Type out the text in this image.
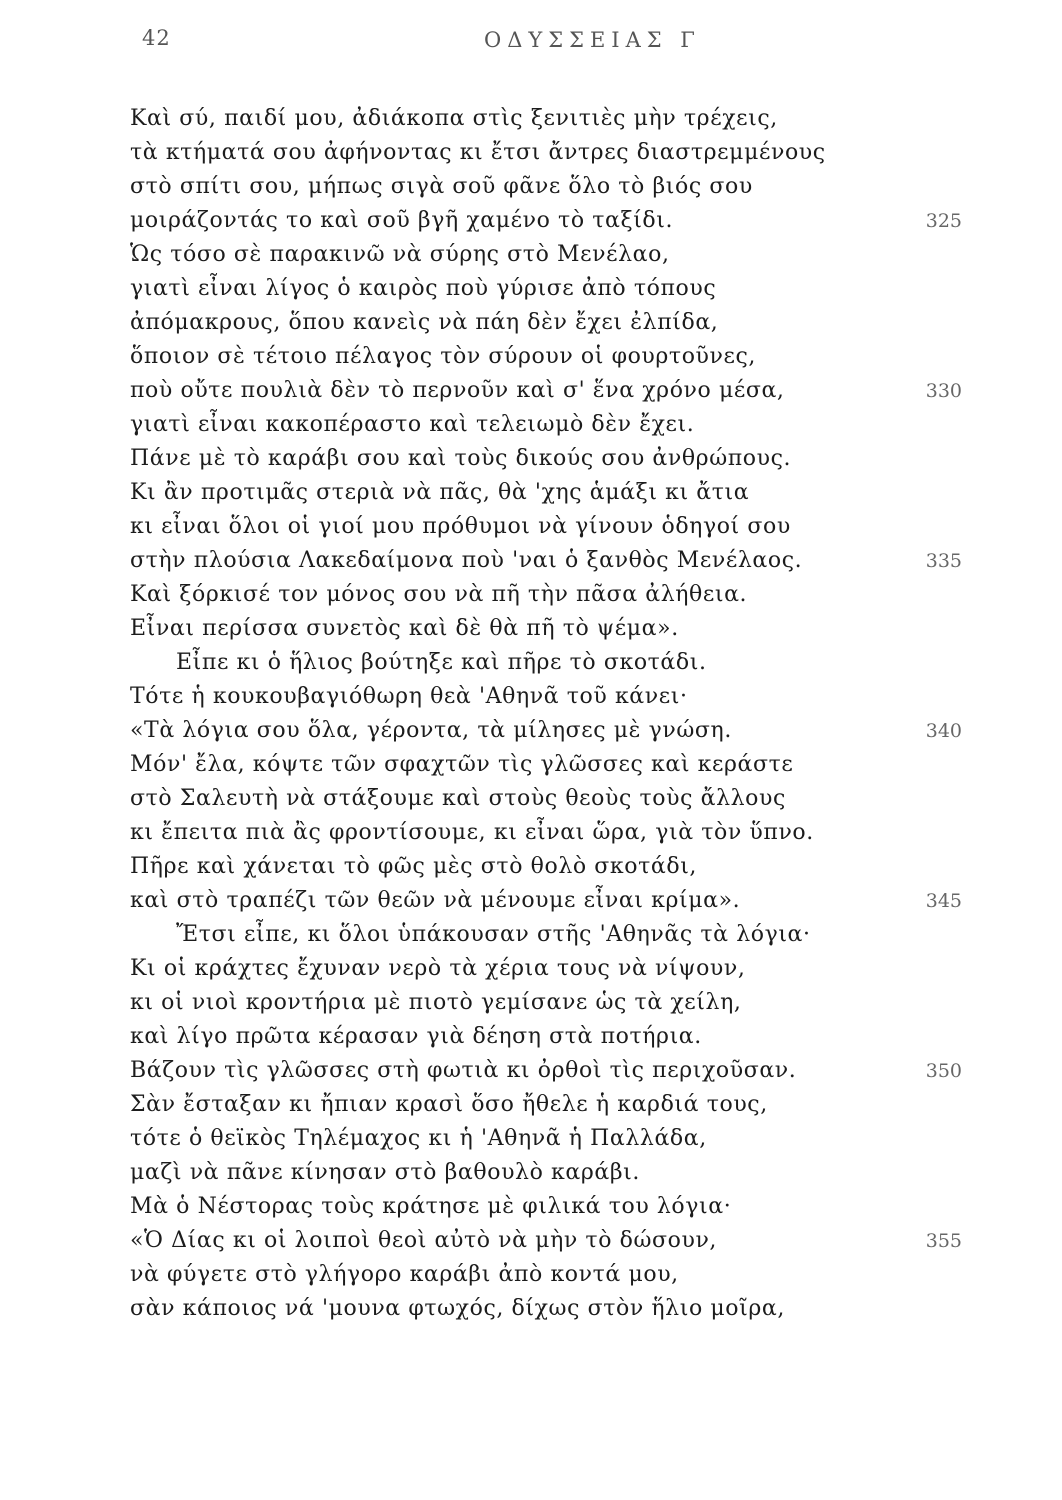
42	ΟΔΥΣΣΕΙΑΣ Γ
Καὶ σύ, παιδί μου, ἀδιάκοπα στὶς ξενιτιὲς μὴν τρέχεις,
τὰ κτήματά σου ἀφήνοντας κι ἔτσι ἄντρες διαστρεμμένους
στὸ σπίτι σου, μήπως σιγὰ σοῦ φᾶνε ὅλο τὸ βιός σου
μοιράζοντάς το καὶ σοῦ βγῆ χαμένο τὸ ταξίδι.
Ὡς τόσο σὲ παρακινῶ νὰ σύρης στὸ Μενέλαο,
γιατὶ εἶναι λίγος ὁ καιρὸς ποὺ γύρισε ἀπὸ τόπους
ἀπόμακρους, ὅπου κανεὶς νὰ πάη δὲν ἔχει ἐλπίδα,
ὅποιον σὲ τέτοιο πέλαγος τὸν σύρουν οἱ φουρτοῦνες,
ποὺ οὔτε πουλιὰ δὲν τὸ περνοῦν καὶ σ' ἕνα χρόνο μέσα,
γιατὶ εἶναι κακοπέραστο καὶ τελειωμὸ δὲν ἔχει.
Πάνε μὲ τὸ καράβι σου καὶ τοὺς δικούς σου ἀνθρώπους.
Κι ἂν προτιμᾶς στεριὰ νὰ πᾶς, θὰ 'χης ἁμάξι κι ἄτια
κι εἶναι ὅλοι οἱ γιοί μου πρόθυμοι νὰ γίνουν ὁδηγοί σου
στὴν πλούσια Λακεδαίμονα ποὺ 'ναι ὁ ξανθὸς Μενέλαος.
Καὶ ξόρκισέ τον μόνος σου νὰ πῆ τὴν πᾶσα ἀλήθεια.
Εἶναι περίσσα συνετὸς καὶ δὲ θὰ πῆ τὸ ψέμα».
Εἶπε κι ὁ ἥλιος βούτηξε καὶ πῆρε τὸ σκοτάδι.
Τότε ἡ κουκουβαγιόθωρη θεὰ 'Αθηνᾶ τοῦ κάνει·
«Τὰ λόγια σου ὅλα, γέροντα, τὰ μίλησες μὲ γνώση.
Μόν' ἔλα, κόψτε τῶν σφαχτῶν τὶς γλῶσσες καὶ κεράστε
στὸ Σαλευτὴ νὰ στάξουμε καὶ στοὺς θεοὺς τοὺς ἄλλους
κι ἔπειτα πιὰ ἂς φροντίσουμε, κι εἶναι ὥρα, γιὰ τὸν ὕπνο.
Πῆρε καὶ χάνεται τὸ φῶς μὲς στὸ θολὸ σκοτάδι,
καὶ στὸ τραπέζι τῶν θεῶν νὰ μένουμε εἶναι κρίμα».
Ἔτσι εἶπε, κι ὅλοι ὑπάκουσαν στῆς 'Αθηνᾶς τὰ λόγια·
Κι οἱ κράχτες ἔχυναν νερὸ τὰ χέρια τους νὰ νίψουν,
κι οἱ νιοὶ κροντήρια μὲ πιοτὸ γεμίσανε ὡς τὰ χείλη,
καὶ λίγο πρῶτα κέρασαν γιὰ δέηση στὰ ποτήρια.
Βάζουν τὶς γλῶσσες στὴ φωτιὰ κι ὀρθοὶ τὶς περιχοῦσαν.
Σὰν ἔσταξαν κι ἤπιαν κρασὶ ὅσο ἤθελε ἡ καρδιά τους,
τότε ὁ θεϊκὸς Τηλέμαχος κι ἡ 'Αθηνᾶ ἡ Παλλάδα,
μαζὶ νὰ πᾶνε κίνησαν στὸ βαθουλὸ καράβι.
Μὰ ὁ Νέστορας τοὺς κράτησε μὲ φιλικά του λόγια·
«Ὁ Δίας κι οἱ λοιποὶ θεοὶ αὐτὸ νὰ μὴν τὸ δώσουν,
νὰ φύγετε στὸ γλήγορο καράβι ἀπὸ κοντά μου,
σὰν κάποιος νά 'μουνα φτωχός, δίχως στὸν ἥλιο μοῖρα,
325
330
335
340
345
350
355
